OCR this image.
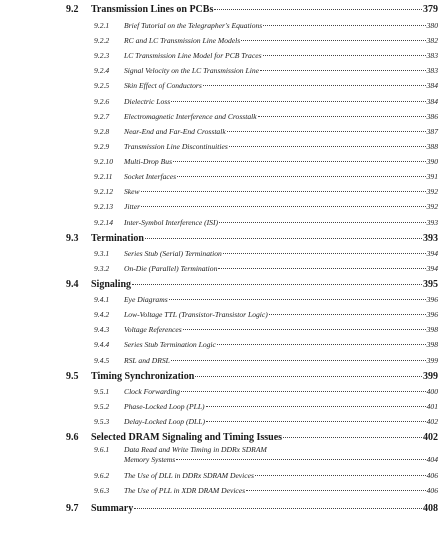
9.2 Transmission Lines on PCBs	379
9.2.1 Brief Tutorial on the Telegrapher's Equations	380
9.2.2 RC and LC Transmission Line Models	382
9.2.3 LC Transmission Line Model for PCB Traces	383
9.2.4 Signal Velocity on the LC Transmission Line	383
9.2.5 Skin Effect of Conductors	384
9.2.6 Dielectric Loss	384
9.2.7 Electromagnetic Interference and Crosstalk	386
9.2.8 Near-End and Far-End Crosstalk	387
9.2.9 Transmission Line Discontinuities	388
9.2.10 Multi-Drop Bus	390
9.2.11 Socket Interfaces	391
9.2.12 Skew	392
9.2.13 Jitter	392
9.2.14 Inter-Symbol Interference (ISI)	393
9.3 Termination	393
9.3.1 Series Stub (Serial) Termination	394
9.3.2 On-Die (Parallel) Termination	394
9.4 Signaling	395
9.4.1 Eye Diagrams	396
9.4.2 Low-Voltage TTL (Transistor-Transistor Logic)	396
9.4.3 Voltage References	398
9.4.4 Series Stub Termination Logic	398
9.4.5 RSL and DRSL	399
9.5 Timing Synchronization	399
9.5.1 Clock Forwarding	400
9.5.2 Phase-Locked Loop (PLL)	401
9.5.3 Delay-Locked Loop (DLL)	402
9.6 Selected DRAM Signaling and Timing Issues	402
9.6.1 Data Read and Write Timing in DDRx SDRAM
Memory Systems	404
9.6.2 The Use of DLL in DDRx SDRAM Devices	406
9.6.3 The Use of PLL in XDR DRAM Devices	406
9.7 Summary	408
